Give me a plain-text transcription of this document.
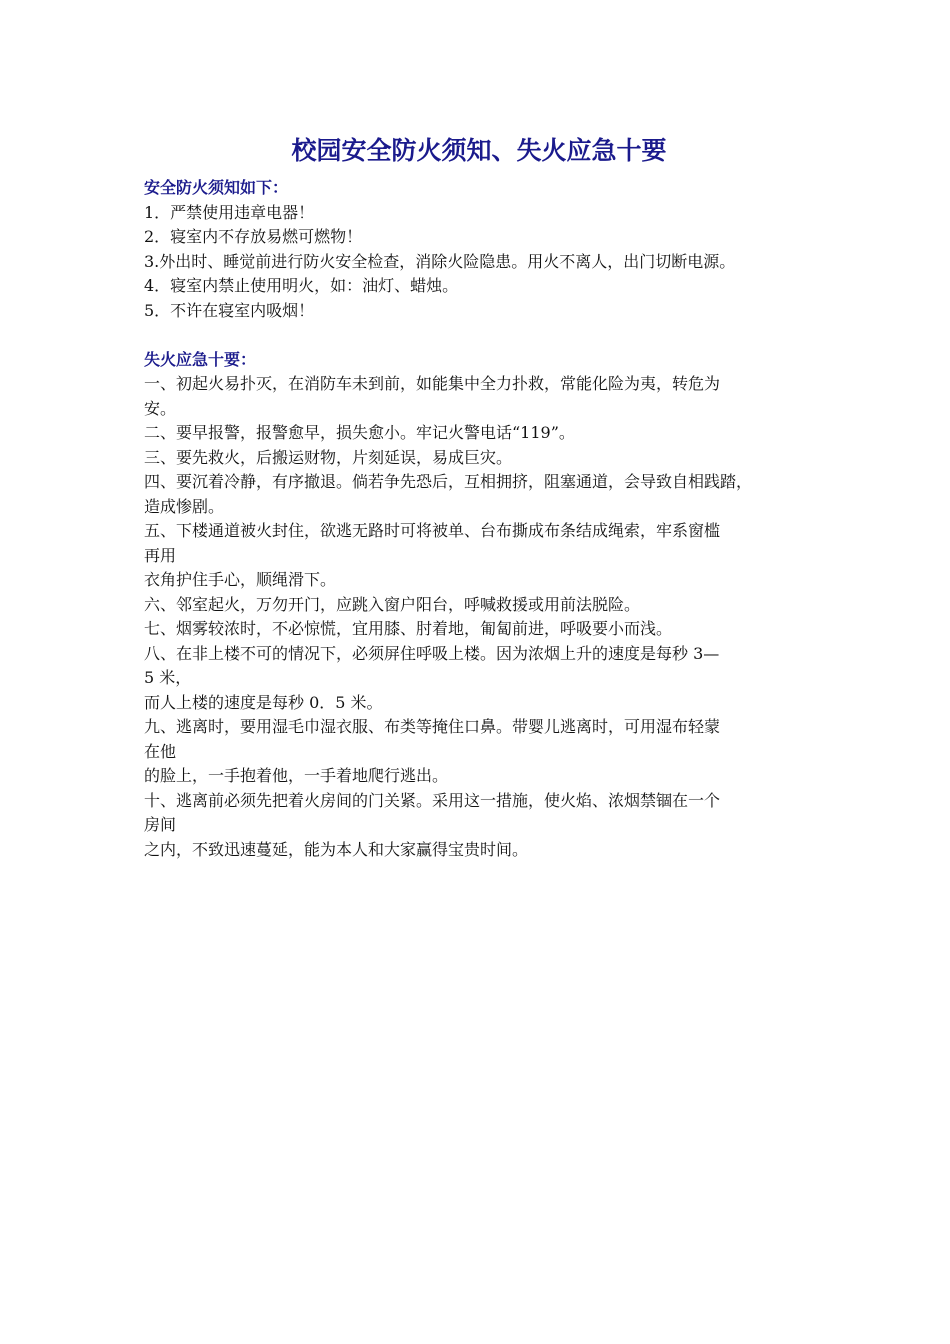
校园安全防火须知、失火应急十要

安全防火须知如下：

1．严禁使用违章电器！

2．寝室内不存放易燃可燃物！

3.外出时、睡觉前进行防火安全检查，消除火险隐患。用火不离人，出门切断电源。

4．寝室内禁止使用明火，如：油灯、蜡烛。

5．不许在寝室内吸烟！

失火应急十要：

一、初起火易扑灭，在消防车未到前，如能集中全力扑救，常能化险为夷，转危为

安。

二、要早报警，报警愈早，损失愈小。牢记火警电话“119”。

三、要先救火，后搬运财物，片刻延误，易成巨灾。

四、要沉着冷静，有序撤退。倘若争先恐后，互相拥挤，阻塞通道，会导致自相践踏，

造成惨剧。

五、下楼通道被火封住，欲逃无路时可将被单、台布撕成布条结成绳索，牢系窗槛

再用

衣角护住手心，顺绳滑下。

六、邻室起火，万勿开门，应跳入窗户阳台，呼喊救援或用前法脱险。

七、烟雾较浓时，不必惊慌，宜用膝、肘着地，匍匐前进，呼吸要小而浅。

八、在非上楼不可的情况下，必须屏住呼吸上楼。因为浓烟上升的速度是每秒 3—

5 米，

而人上楼的速度是每秒 0．5 米。

九、逃离时，要用湿毛巾湿衣服、布类等掩住口鼻。带婴儿逃离时，可用湿布轻蒙

在他

的脸上，一手抱着他，一手着地爬行逃出。

十、逃离前必须先把着火房间的门关紧。采用这一措施，使火焰、浓烟禁锢在一个

房间

之内，不致迅速蔓延，能为本人和大家赢得宝贵时间。
